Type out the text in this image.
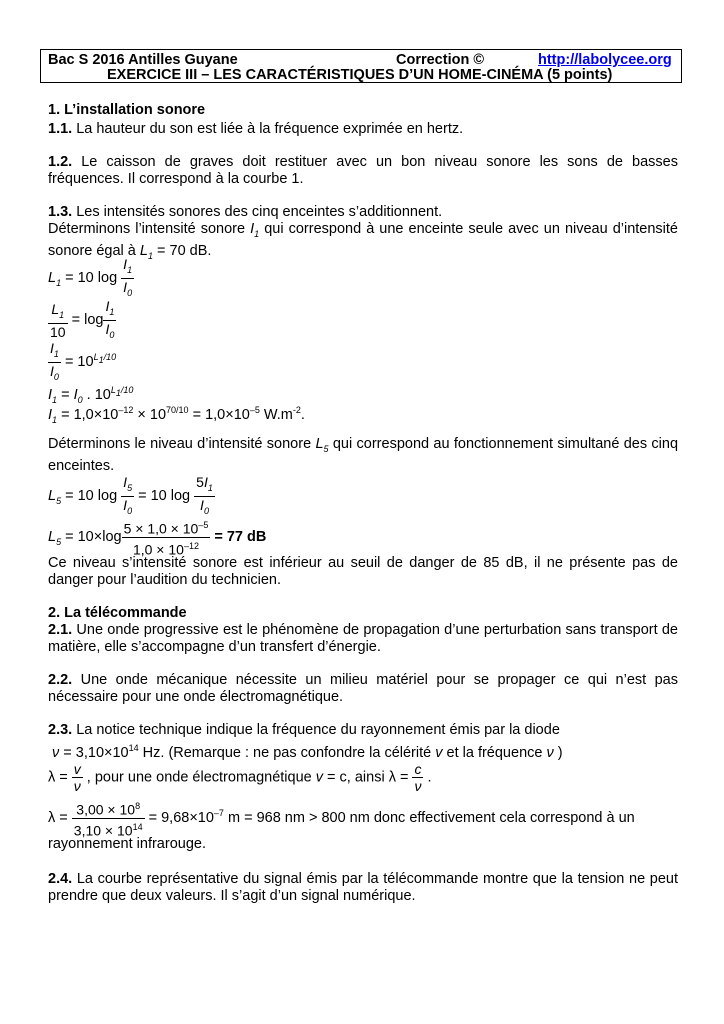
Bac S 2016 Antilles Guyane	Correction ©	http://labolycee.org
EXERCICE III – LES CARACTÉRISTIQUES D’UN HOME-CINÉMA (5 points)
1. L’installation sonore
1.1. La hauteur du son est liée à la fréquence exprimée en hertz.
1.2. Le caisson de graves doit restituer avec un bon niveau sonore les sons de basses fréquences. Il correspond à la courbe 1.
1.3. Les intensités sonores des cinq enceintes s’additionnent.
Déterminons l’intensité sonore $I_1$ qui correspond à une enceinte seule avec un niveau d’intensité sonore égal à $L_1 = 70$ dB.
$L_1 = 10$ $\log \frac{I_1}{I_0}$
$\frac{L_1}{10} = \log \frac{I_1}{I_0}$
$\frac{I_1}{I_0} = 10^{L_1/10}$
$I_1 = I_0$ . $10^{L_1/10}$
$I_1 = 1,0\times 10^{-12} \times 10^{70/10} = 1,0\times 10^{-5}$ $W.m^{-2}$.
Déterminons le niveau d’intensité sonore $L_5$ qui correspond au fonctionnement simultané des cinq enceintes.
$L_5 = 10$ $\log \frac{I_5}{I_0} = 10$ $\log \frac{5I_1}{I_0}$
$L_5 = 10\times\log \frac{5 \times 1,0 \times 10^{-5}}{1,0 \times 10^{-12}} = 77$ dB
Ce niveau s’intensité sonore est inférieur au seuil de danger de 85 dB, il ne présente pas de danger pour l’audition du technicien.
2. La télécommande
2.1. Une onde progressive est le phénomène de propagation d’une perturbation sans transport de matière, elle s’accompagne d’un transfert d’énergie.
2.2. Une onde mécanique nécessite un milieu matériel pour se propager ce qui n’est pas nécessaire pour une onde électromagnétique.
2.3. La notice technique indique la fréquence du rayonnement émis par la diode
$\nu = 3,10\times 10^{14}$ Hz. (Remarque : ne pas confondre la célérité v et la fréquence ν )
$\lambda = \frac{v}{\nu}$ , pour une onde électromagnétique v = c, ainsi $\lambda = \frac{c}{\nu}$ .
$\lambda = \frac{3,00 \times 10^8}{3,10 \times 10^{14}} = 9,68\times 10^{-7}$ m = 968 nm > 800 nm donc effectivement cela correspond à un
rayonnement infrarouge.
2.4. La courbe représentative du signal émis par la télécommande montre que la tension ne peut prendre que deux valeurs. Il s’agit d’un signal numérique.
